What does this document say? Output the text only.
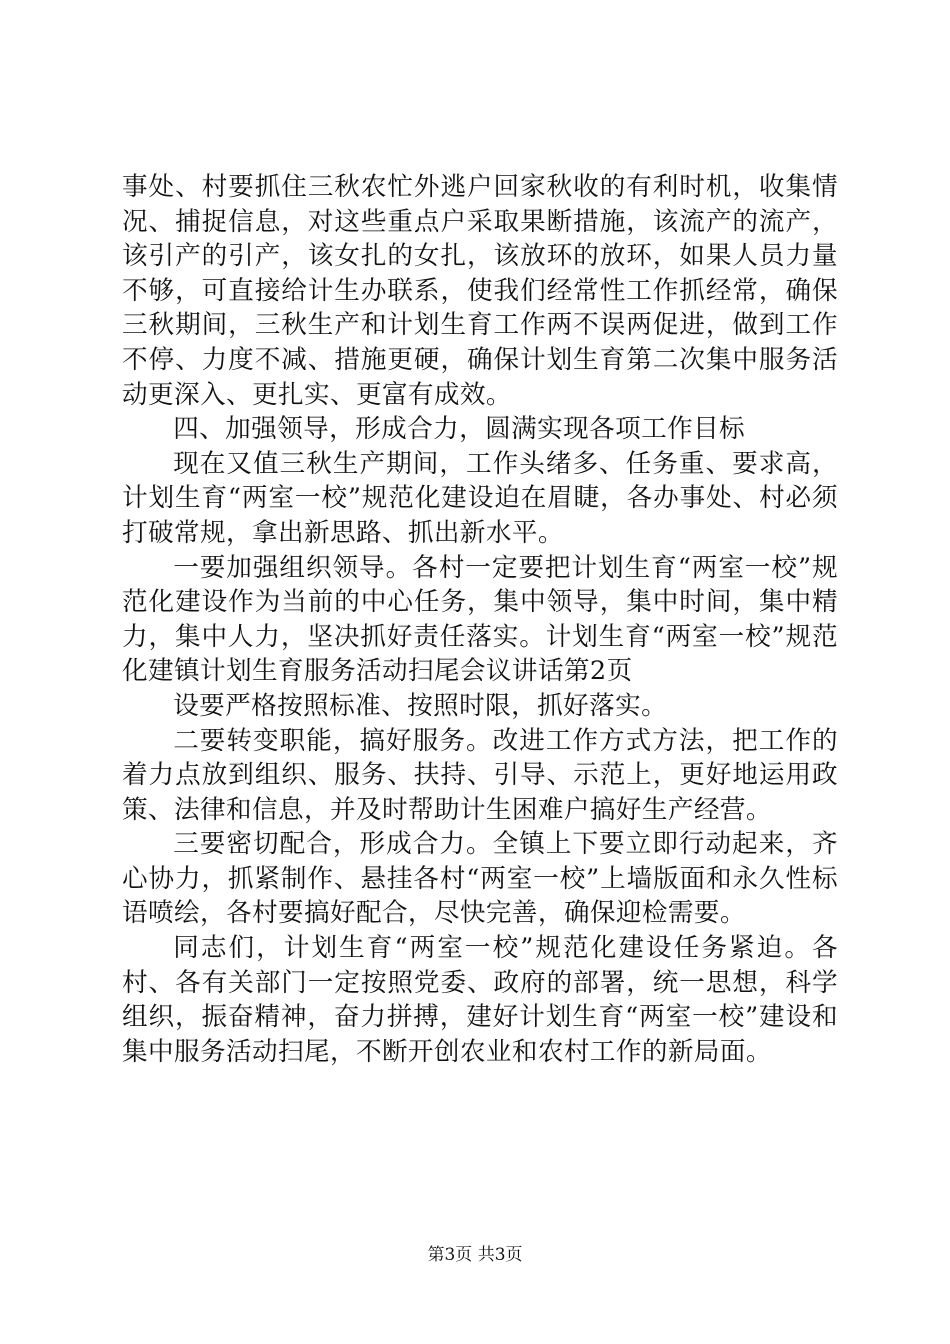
事处、村要抓住三秋农忙外逃户回家秋收的有利时机，收集情况、捕捉信息，对这些重点户采取果断措施，该流产的流产，该引产的引产，该女扎的女扎，该放环的放环，如果人员力量不够，可直接给计生办联系，使我们经常性工作抓经常，确保三秋期间，三秋生产和计划生育工作两不误两促进，做到工作不停、力度不减、措施更硬，确保计划生育第二次集中服务活动更深入、更扎实、更富有成效。

四、加强领导，形成合力，圆满实现各项工作目标

现在又值三秋生产期间，工作头绪多、任务重、要求高，计划生育“两室一校”规范化建设迫在眉睫，各办事处、村必须打破常规，拿出新思路、抓出新水平。

一要加强组织领导。各村一定要把计划生育“两室一校”规范化建设作为当前的中心任务，集中领导，集中时间，集中精力，集中人力，坚决抓好责任落实。计划生育“两室一校”规范化建镇计划生育服务活动扫尾会议讲话第2页

设要严格按照标准、按照时限，抓好落实。

二要转变职能，搞好服务。改进工作方式方法，把工作的着力点放到组织、服务、扶持、引导、示范上，更好地运用政策、法律和信息，并及时帮助计生困难户搞好生产经营。

三要密切配合，形成合力。全镇上下要立即行动起来，齐心协力，抓紧制作、悬挂各村“两室一校”上墙版面和永久性标语喷绘，各村要搞好配合，尽快完善，确保迎检需要。

同志们，计划生育“两室一校”规范化建设任务紧迫。各村、各有关部门一定按照党委、政府的部署，统一思想，科学组织，振奋精神，奋力拼搏，建好计划生育“两室一校”建设和集中服务活动扫尾，不断开创农业和农村工作的新局面。

第3页 共3页
